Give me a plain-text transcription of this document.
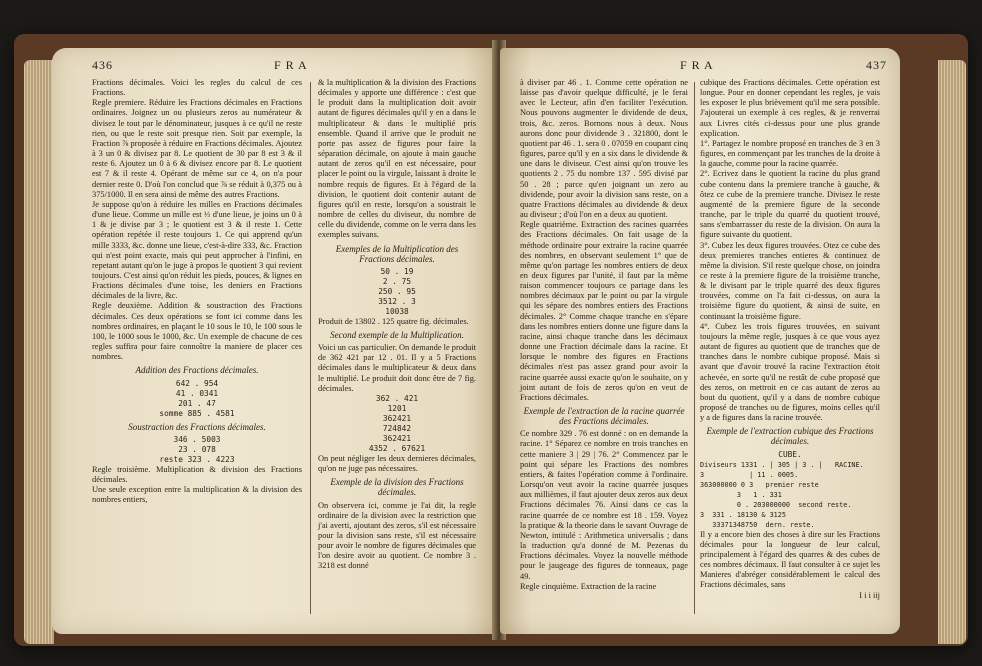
436	F R A

Fractions décimales. Voici les regles du calcul de ces Fractions.

Regle premiere. Réduire les Fractions décimales en Fractions ordinaires. Joignez un ou plusieurs zeros au numérateur & divisez le tout par le dénominateur, jusques à ce qu'il ne reste rien, ou que le reste soit presque rien. Soit par exemple, la Fraction ⅞ proposée à réduire en Fractions décimales. Ajoutez à 3 un 0 & divisez par 8. Le quotient de 30 par 8 est 3 & il reste 6. Ajoutez un 0 à 6 & divisez encore par 8. Le quotient est 7 & il reste 4. Opérant de même sur ce 4, on n'a pour dernier reste 0. D'où l'on conclud que ⅞ se réduit à 0,375 ou à 375/1000. Il en sera ainsi de même des autres Fractions.

Je suppose qu'on à réduire les milles en Fractions décimales d'une lieue. Comme un mille est ⅓ d'une lieue, je joins un 0 à 1 & je divise par 3 ; le quotient est 3 & il reste 1. Cette opération repétée il reste toujours 1. Ce qui apprend qu'un mille 3333, &c. donne une lieue, c'est-à-dire 333, &c. Fraction qui n'est point exacte, mais qui peut approcher à l'infini, en repetant autant qu'on le juge à propos le quotient 3 qui revient toujours. C'est ainsi qu'on réduit les pieds, pouces, & lignes en Fractions décimales d'une toise, les deniers en Fractions décimales de la livre, &c.

Regle deuxième. Addition & soustraction des Fractions décimales. Ces deux opérations se font ici comme dans les nombres ordinaires, en plaçant le 10 sous le 10, le 100 sous le 100, le 1000 sous le 1000, &c. Un exemple de chacune de ces regles suffira pour faire connoître la maniere de placer ces nombres.

Addition des Fractions décimales.
642 . 954
41 . 0341
201 . 47
somme 885 . 4581
Soustraction des Fractions décimales.
346 . 5003
23 . 078
reste 323 . 4223

Regle troisième. Multiplication & division des Fractions décimales.

Une seule exception entre la multiplication & la division des nombres entiers,

& la multiplication & la division des Fractions décimales y apporte une différence : c'est que le produit dans la multiplication doit avoir autant de figures décimales qu'il y en a dans le multiplicateur & dans le multiplié pris ensemble. Quand il arrive que le produit ne porte pas assez de figures pour faire la séparation décimale, on ajoute à main gauche autant de zeros qu'il en est nécessaire, pour placer le point ou la virgule, laissant à droite le nombre requis de figures. Et à l'égard de la division, le quotient doit contenir autant de figures qu'il en reste, lorsqu'on a soustrait le nombre de celles du diviseur, du nombre de celle du dividende, comme on le verra dans les exemples suivans.

Exemples de la Multiplication des Fractions décimales.
50 . 19
2 . 75
250 . 95
3512 . 3
10038

Produit de 13802 . 125 quatre fig. décimales.

Second exemple de la Multiplication.

Voici un cas particulier. On demande le produit de 362 421 par 12 . 01. Il y a 5 Fractions décimales dans le multiplicateur & deux dans le multiplié. Le produit doit donc être de 7 fig. décimales.

362 . 421
1201
362421
724842
362421
4352 . 67621

On peut négliger les deux dernieres décimales, qu'on ne juge pas nécessaires.

Exemple de la division des Fractions décimales.

On observera ici, comme je l'ai dit, la regle ordinaire de la division avec la restriction que j'ai averti, ajoutant des zeros, s'il est nécessaire pour la division sans reste, s'il est nécessaire pour avoir le nombre de figures décimales que l'on desire avoir au quotient. Ce nombre 3 . 3218 est donné

F R A	437

à diviser par 46 . 1. Comme cette opération ne laisse pas d'avoir quelque difficulté, je le ferai avec le Lecteur, afin d'en faciliter l'exécution. Nous pouvons augmenter le dividende de deux, trois, &c. zeros. Bornons nous à deux. Nous aurons donc pour dividende 3 . 321800, dont le quotient par 46 . 1. sera 0 . 07059 en coupant cinq figures, parce qu'il y en a six dans le dividende & une dans le diviseur. C'est ainsi qu'on trouve les quotients 2 . 75 du nombre 137 . 595 divisé par 50 . 28 ; parce qu'en joignant un zero au dividende, pour avoir la division sans reste, on a quatre Fractions décimales au dividende & deux au diviseur ; d'où l'on en a deux au quotient.

Regle quatrième. Extraction des racines quarrées des Fractions décimales. On fait usage de la méthode ordinaire pour extraire la racine quarrée des nombres, en observant seulement 1° que de même qu'on partage les nombres entiers de deux en deux figures par l'unité, il faut par la même raison commencer toujours ce partage dans les nombres décimaux par le point ou par la virgule qui les sépare des nombres entiers des Fractions décimales. 2° Comme chaque tranche en s'épare dans les nombres entiers donne une figure dans la racine, ainsi chaque tranche dans les décimaux donne une Fraction décimale dans la racine. Et lorsque le nombre des figures en Fractions décimales n'est pas assez grand pour avoir la racine quarrée aussi exacte qu'on le souhaite, on y joint autant de fois de zeros qu'on en veut de Fractions décimales.

Exemple de l'extraction de la racine quarrée des Fractions décimales.

Ce nombre 329 . 76 est donné : on en demande la racine. 1° Séparez ce nombre en trois tranches en cette maniere 3 | 29 | 76. 2° Commencez par le point qui sépare les Fractions des nombres entiers, & faites l'opération comme à l'ordinaire. Lorsqu'on veut avoir la racine quarrée jusques aux millièmes, il faut ajouter deux zeros aux deux Fractions décimales 76. Ainsi dans ce cas la racine quarrée de ce nombre est 18 . 159. Voyez la pratique & la theorie dans le savant Ouvrage de Newton, intitulé : Arithmetica universalis ; dans la traduction qu'a donné de M. Pezenas du Fractions décimales. Voyez la nouvelle méthode pour le jaugeage des figures de tonneaux, page 49.

Regle cinquième. Extraction de la racine

cubique des Fractions décimales. Cette opération est longue. Pour en donner cependant les regles, je vais les exposer le plus brièvement qu'il me sera possible. J'ajouterai un exemple à ces regles, & je renverrai aux Livres cités ci-dessus pour une plus grande explication.

1°. Partagez le nombre proposé en tranches de 3 en 3 figures, en commençant par les tranches de la droite à la gauche, comme pour la racine quarrée.

2°. Ecrivez dans le quotient la racine du plus grand cube contenu dans la premiere tranche à gauche, & ôtez ce cube de la premiere tranche. Divisez le reste augmenté de la premiere figure de la seconde tranche, par le triple du quarré du quotient trouvé, sans s'embarrasser du reste de la division. On aura la figure suivante du quotient.

3°. Cubez les deux figures trouvées. Otez ce cube des deux premieres tranches entieres & continuez de même la division. S'il reste quelque chose, on joindra ce reste à la premiere figure de la troisième tranche, & le divisant par le triple quarré des deux figures trouvées, comme on l'a fait ci-dessus, on aura la troisième figure du quotient, & ainsi de suite, en continuant la troisième figure.

4°. Cubez les trois figures trouvées, en suivant toujours la même regle, jusques à ce que vous ayez autant de figures au quotient que de tranches que de tranches dans le nombre cubique proposé. Mais si avant que d'avoir trouvé la racine l'extraction étoit achevée, en sorte qu'il ne restât de cube proposé que des zeros, on mettroit en ce cas autant de zeros au bout du quotient, qu'il y a dans de nombre cubique proposé de tranches ou de figures, moins celles qu'il y a de figures dans la racine trouvée.

Exemple de l'extraction cubique des Fractions décimales.
CUBE.
Diviseurs 1331 . | 305 | 3 . |   RACINE.
3           | 11 . 0005.
363000000 0 3   premier reste
3   1 . 331
0 . 203000000  second reste.
3  331 . 18130 & 3125
33371348750  dern. reste.

Il y a encore bien des choses à dire sur les Fractions décimales pour la longueur de leur calcul, principalement à l'égard des quarres & des cubes de ces nombres décimaux. Il faut consulter à ce sujet les Manieres d'abréger considérablement le calcul des Fractions décimales, sans

I i i iij
